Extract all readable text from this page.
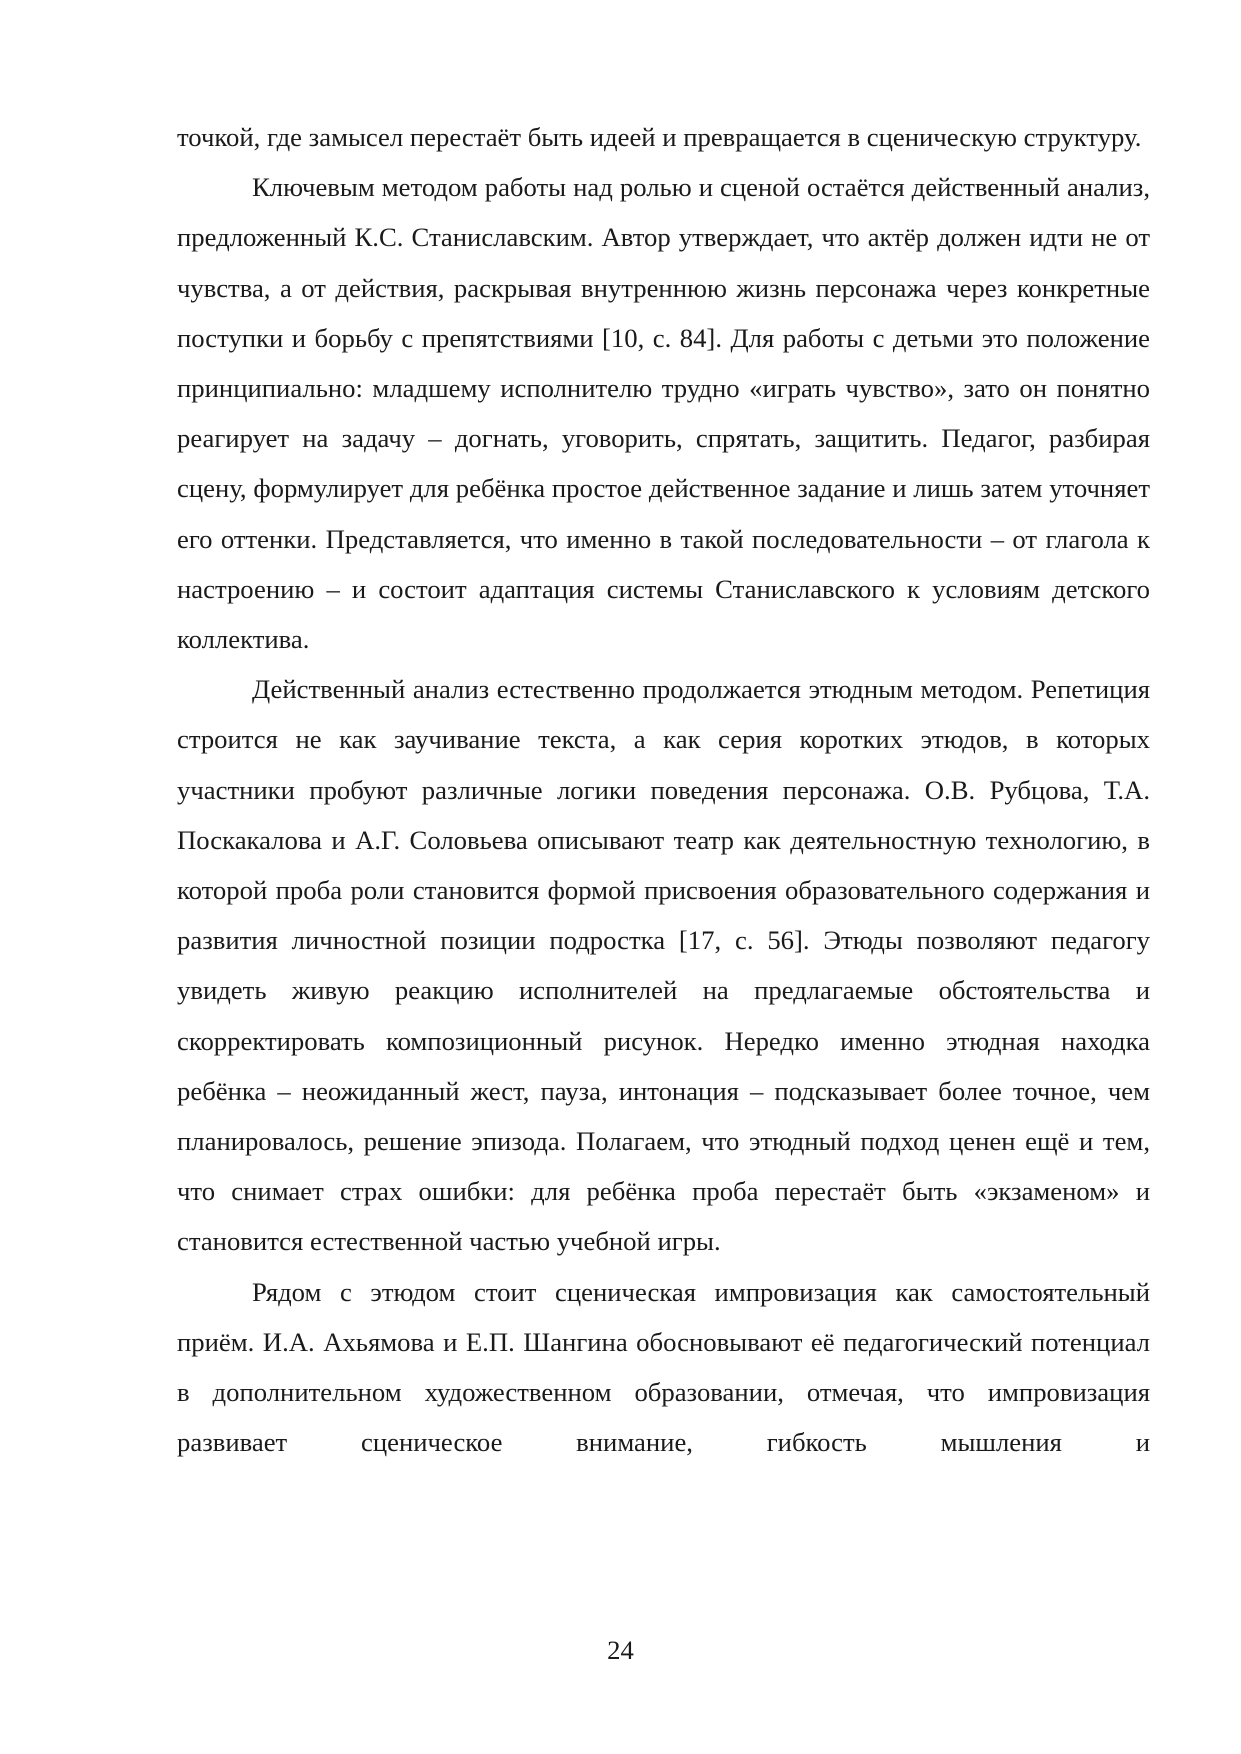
точкой, где замысел перестаёт быть идеей и превращается в сценическую структуру.

Ключевым методом работы над ролью и сценой остаётся действенный анализ, предложенный К.С. Станиславским. Автор утверждает, что актёр должен идти не от чувства, а от действия, раскрывая внутреннюю жизнь персонажа через конкретные поступки и борьбу с препятствиями [10, с. 84]. Для работы с детьми это положение принципиально: младшему исполнителю трудно «играть чувство», зато он понятно реагирует на задачу – догнать, уговорить, спрятать, защитить. Педагог, разбирая сцену, формулирует для ребёнка простое действенное задание и лишь затем уточняет его оттенки. Представляется, что именно в такой последовательности – от глагола к настроению – и состоит адаптация системы Станиславского к условиям детского коллектива.

Действенный анализ естественно продолжается этюдным методом. Репетиция строится не как заучивание текста, а как серия коротких этюдов, в которых участники пробуют различные логики поведения персонажа. О.В. Рубцова, Т.А. Поскакалова и А.Г. Соловьева описывают театр как деятельностную технологию, в которой проба роли становится формой присвоения образовательного содержания и развития личностной позиции подростка [17, с. 56]. Этюды позволяют педагогу увидеть живую реакцию исполнителей на предлагаемые обстоятельства и скорректировать композиционный рисунок. Нередко именно этюдная находка ребёнка – неожиданный жест, пауза, интонация – подсказывает более точное, чем планировалось, решение эпизода. Полагаем, что этюдный подход ценен ещё и тем, что снимает страх ошибки: для ребёнка проба перестаёт быть «экзаменом» и становится естественной частью учебной игры.

Рядом с этюдом стоит сценическая импровизация как самостоятельный приём. И.А. Ахьямова и Е.П. Шангина обосновывают её педагогический потенциал в дополнительном художественном образовании, отмечая, что импровизация развивает сценическое внимание, гибкость мышления и

24
